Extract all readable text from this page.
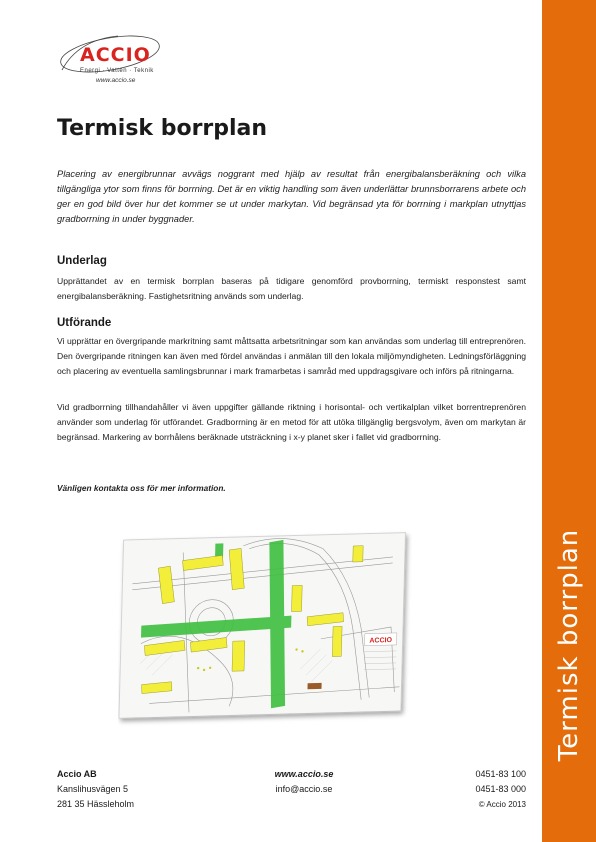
Termisk borrplan
ACCIO
Energi · Vatten · Teknik
www.accio.se
Termisk borrplan
Placering av energibrunnar avvägs noggrant med hjälp av resultat från energibalansberäkning och vilka tillgängliga ytor som finns för borrning. Det är en viktig handling som även underlättar brunnsborrarens arbete och ger en god bild över hur det kommer se ut under markytan. Vid begränsad yta för borrning i markplan utnyttjas gradborrning in under byggnader.
Underlag
Upprättandet av en termisk borrplan baseras på tidigare genomförd provborrning, termiskt responstest samt energibalansberäkning. Fastighetsritning används som underlag.
Utförande
Vi upprättar en övergripande markritning samt måttsatta arbetsritningar som kan användas som underlag till entreprenören. Den övergripande ritningen kan även med fördel användas i anmälan till den lokala miljömyndigheten. Ledningsförläggning och placering av eventuella samlingsbrunnar i mark framarbetas i samråd med uppdragsgivare och införs på ritningarna.
Vid gradborrning tillhandahåller vi även uppgifter gällande riktning i horisontal- och vertikalplan vilket borrentreprenören använder som underlag för utförandet. Gradborrning är en metod för att utöka tillgänglig bergsvolym, även om markytan är begränsad. Markering av borrhålens beräknade utsträckning i x-y planet sker i fallet vid gradborrning.
Vänligen kontakta oss för mer information.
ACCIO
Accio AB
Kanslihusvägen 5
281 35 Hässleholm
www.accio.se
info@accio.se
0451-83 100
0451-83 000
© Accio 2013
